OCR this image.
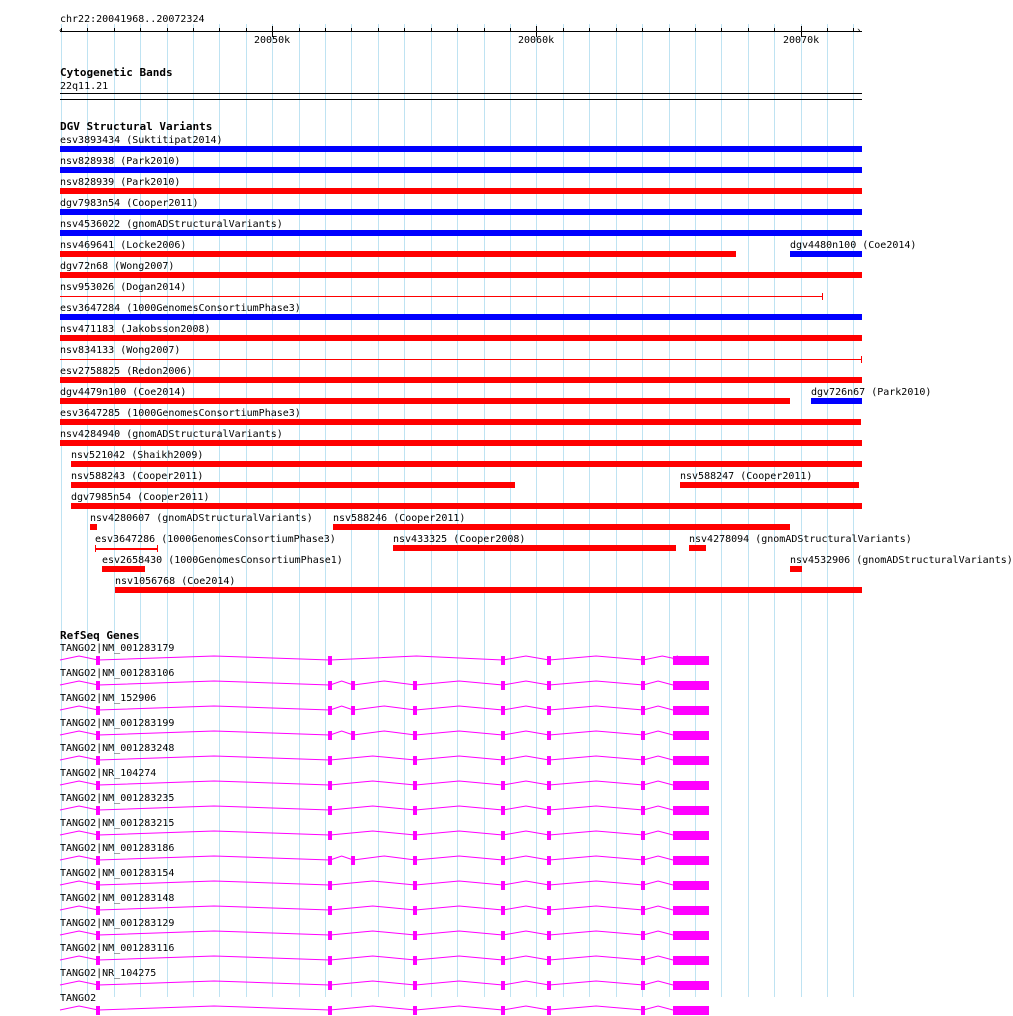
chr22:20041968..20072324
20050k	20060k	20070k
‹	›
Cytogenetic Bands
22q11.21
DGV Structural Variants
esv3893434 (Suktitipat2014)
nsv828938 (Park2010)
nsv828939 (Park2010)
dgv7983n54 (Cooper2011)
nsv4536022 (gnomADStructuralVariants)
nsv469641 (Locke2006)	dgv4480n100 (Coe2014)
dgv72n68 (Wong2007)
nsv953026 (Dogan2014)
esv3647284 (1000GenomesConsortiumPhase3)
nsv471183 (Jakobsson2008)
nsv834133 (Wong2007)
esv2758825 (Redon2006)
dgv4479n100 (Coe2014)	dgv726n67 (Park2010)
esv3647285 (1000GenomesConsortiumPhase3)
nsv4284940 (gnomADStructuralVariants)
nsv521042 (Shaikh2009)
nsv588243 (Cooper2011)	nsv588247 (Cooper2011)
dgv7985n54 (Cooper2011)
nsv4280607 (gnomADStructuralVariants) nsv588246 (Cooper2011)
esv3647286 (1000GenomesConsortiumPhase3)	nsv433325 (Cooper2008)	nsv4278094 (gnomADStructuralVariants)
esv2658430 (1000GenomesConsortiumPhase1)	nsv4532906 (gnomADStructuralVariants)
nsv1056768 (Coe2014)
RefSeq Genes
TANGO2|NM_001283179
TANGO2|NM_001283106
TANGO2|NM_152906
TANGO2|NM_001283199
TANGO2|NM_001283248
TANGO2|NR_104274
TANGO2|NM_001283235
TANGO2|NM_001283215
TANGO2|NM_001283186
TANGO2|NM_001283154
TANGO2|NM_001283148
TANGO2|NM_001283129
TANGO2|NM_001283116
TANGO2|NR_104275
TANGO2
